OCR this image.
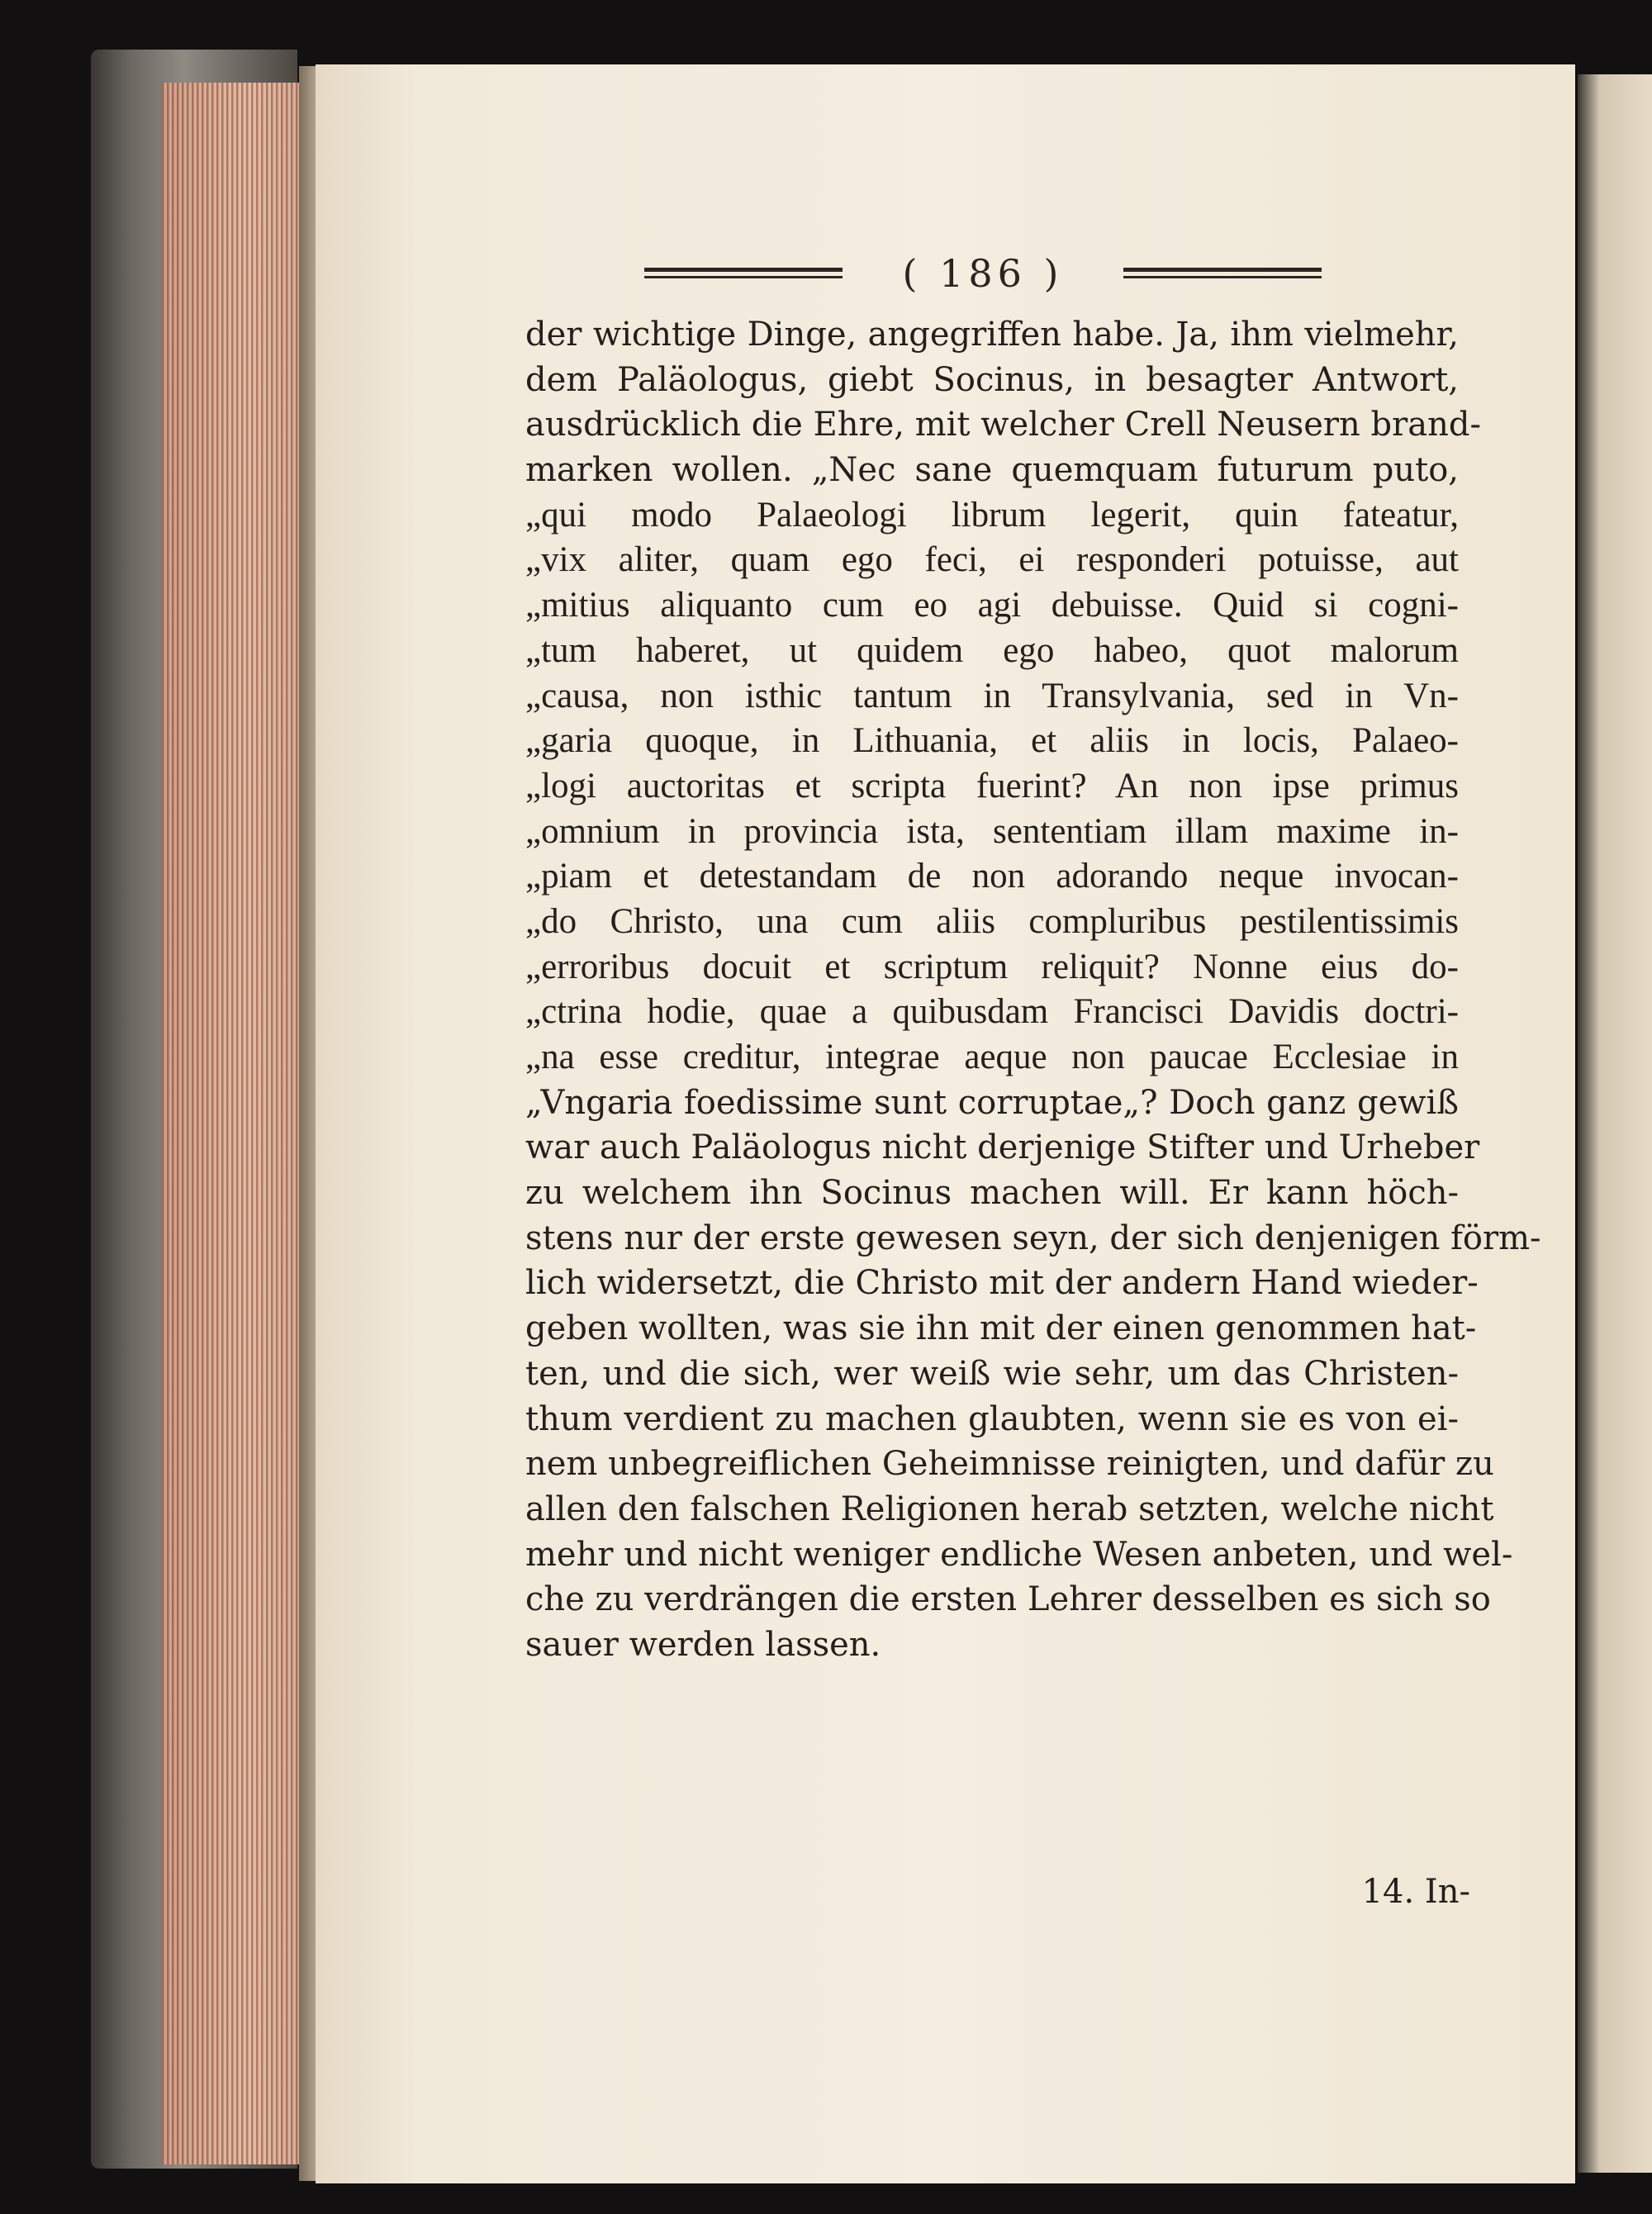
( 186 )
der wichtige Dinge, angegriffen habe. Ja, ihm vielmehr,
dem Paläologus, giebt Socinus, in besagter Antwort,
ausdrücklich die Ehre, mit welcher Crell Neusern brand-
marken wollen. „Nec sane quemquam futurum puto,
„qui modo Palaeologi librum legerit, quin fateatur,
„vix aliter, quam ego feci, ei responderi potuisse, aut
„mitius aliquanto cum eo agi debuisse. Quid si cogni-
„tum haberet, ut quidem ego habeo, quot malorum
„causa, non isthic tantum in Transylvania, sed in Vn-
„garia quoque, in Lithuania, et aliis in locis, Palaeo-
„logi auctoritas et scripta fuerint? An non ipse primus
„omnium in provincia ista, sententiam illam maxime in-
„piam et detestandam de non adorando neque invocan-
„do Christo, una cum aliis compluribus pestilentissimis
„erroribus docuit et scriptum reliquit? Nonne eius do-
„ctrina hodie, quae a quibusdam Francisci Davidis doctri-
„na esse creditur, integrae aeque non paucae Ecclesiae in
„Vngaria foedissime sunt corruptae„? Doch ganz gewiß
war auch Paläologus nicht derjenige Stifter und Urheber
zu welchem ihn Socinus machen will. Er kann höch-
stens nur der erste gewesen seyn, der sich denjenigen förm-
lich widersetzt, die Christo mit der andern Hand wieder-
geben wollten, was sie ihn mit der einen genommen hat-
ten, und die sich, wer weiß wie sehr, um das Christen-
thum verdient zu machen glaubten, wenn sie es von ei-
nem unbegreiflichen Geheimnisse reinigten, und dafür zu
allen den falschen Religionen herab setzten, welche nicht
mehr und nicht weniger endliche Wesen anbeten, und wel-
che zu verdrängen die ersten Lehrer desselben es sich so
sauer werden lassen.
14. In-
